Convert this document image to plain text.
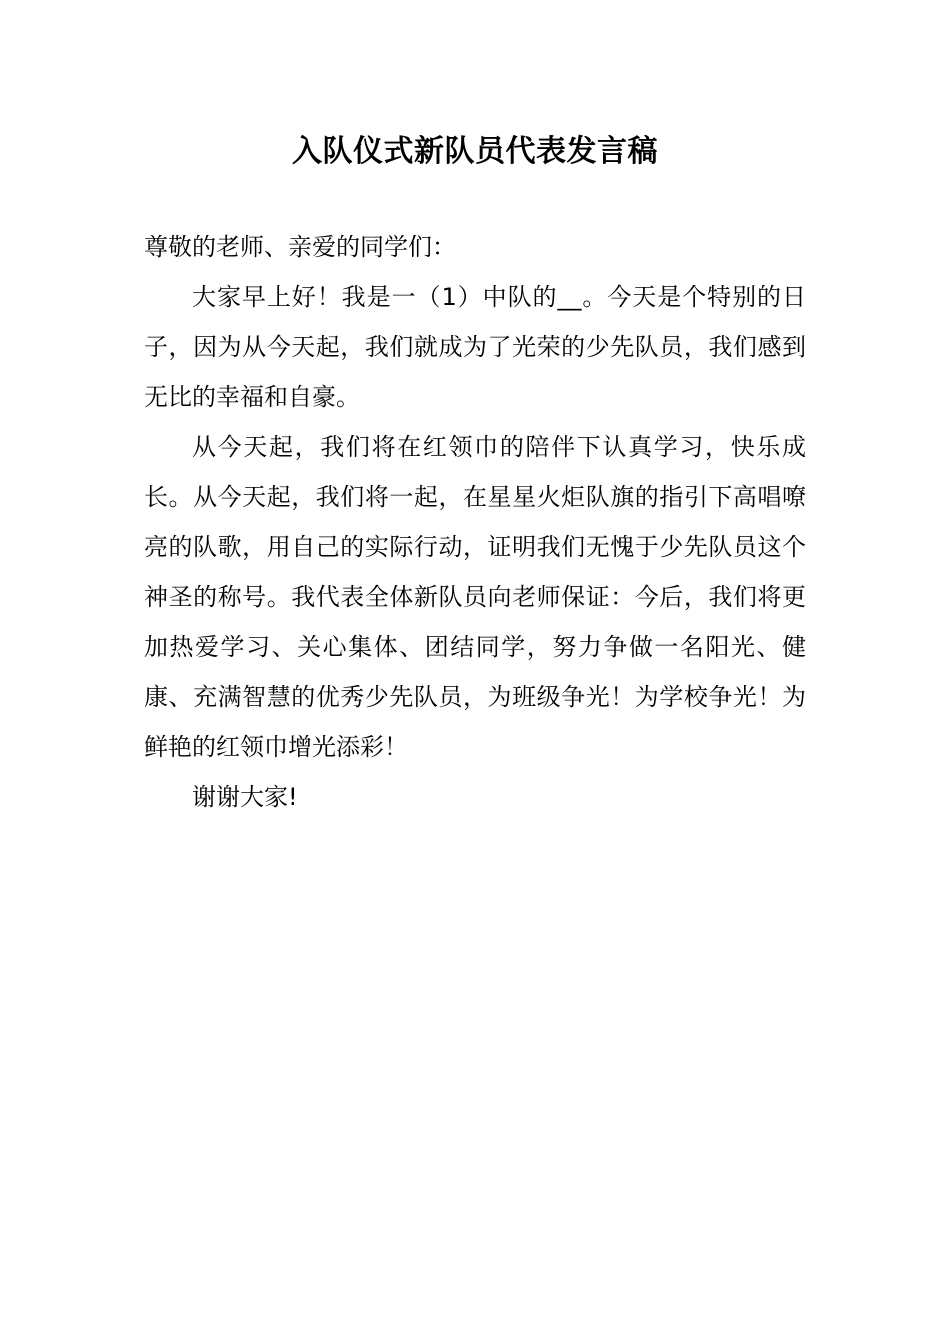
入队仪式新队员代表发言稿

尊敬的老师、亲爱的同学们：

大家早上好！我是一（1）中队的__。今天是个特别的日子，因为从今天起，我们就成为了光荣的少先队员，我们感到无比的幸福和自豪。

从今天起，我们将在红领巾的陪伴下认真学习，快乐成长。从今天起，我们将一起，在星星火炬队旗的指引下高唱嘹亮的队歌，用自己的实际行动，证明我们无愧于少先队员这个神圣的称号。我代表全体新队员向老师保证：今后，我们将更加热爱学习、关心集体、团结同学，努力争做一名阳光、健康、充满智慧的优秀少先队员，为班级争光！为学校争光！为鲜艳的红领巾增光添彩！

谢谢大家!
